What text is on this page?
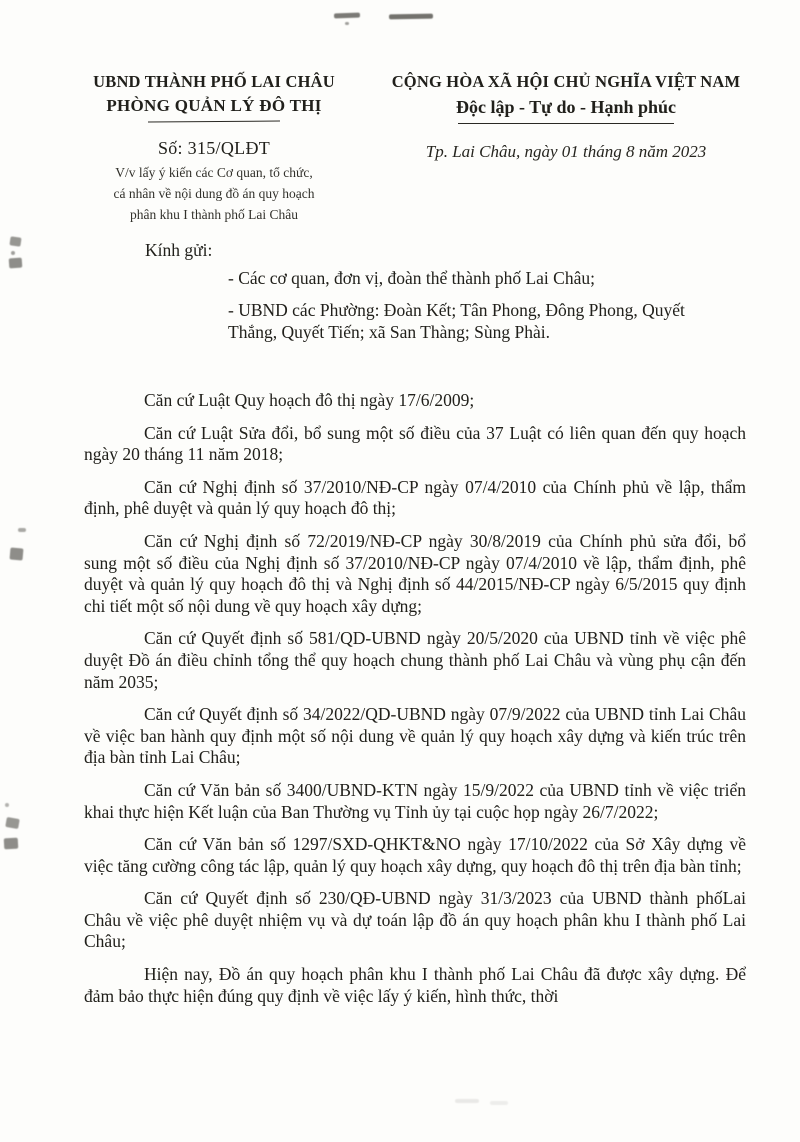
UBND THÀNH PHỐ LAI CHÂU
PHÒNG QUẢN LÝ ĐÔ THỊ
Số: 315/QLĐT
V/v lấy ý kiến các Cơ quan, tổ chức,
cá nhân về nội dung đồ án quy hoạch
phân khu I thành phố Lai Châu
CỘNG HÒA XÃ HỘI CHỦ NGHĨA VIỆT NAM
Độc lập - Tự do - Hạnh phúc
Tp. Lai Châu, ngày 01 tháng 8 năm 2023
Kính gửi:

- Các cơ quan, đơn vị, đoàn thể thành phố Lai Châu;

- UBND các Phường: Đoàn Kết; Tân Phong, Đông Phong, Quyết Thắng, Quyết Tiến; xã San Thàng; Sùng Phài.

Căn cứ Luật Quy hoạch đô thị ngày 17/6/2009;

Căn cứ Luật Sửa đổi, bổ sung một số điều của 37 Luật có liên quan đến quy hoạch ngày 20 tháng 11 năm 2018;

Căn cứ Nghị định số 37/2010/NĐ-CP ngày 07/4/2010 của Chính phủ về lập, thẩm định, phê duyệt và quản lý quy hoạch đô thị;

Căn cứ Nghị định số 72/2019/NĐ-CP ngày 30/8/2019 của Chính phủ sửa đổi, bổ sung một số điều của Nghị định số 37/2010/NĐ-CP ngày 07/4/2010 về lập, thẩm định, phê duyệt và quản lý quy hoạch đô thị và Nghị định số 44/2015/NĐ-CP ngày 6/5/2015 quy định chi tiết một số nội dung về quy hoạch xây dựng;

Căn cứ Quyết định số 581/QD-UBND ngày 20/5/2020 của UBND tỉnh về việc phê duyệt Đồ án điều chỉnh tổng thể quy hoạch chung thành phố Lai Châu và vùng phụ cận đến năm 2035;

Căn cứ Quyết định số 34/2022/QD-UBND ngày 07/9/2022 của UBND tỉnh Lai Châu về việc ban hành quy định một số nội dung về quản lý quy hoạch xây dựng và kiến trúc trên địa bàn tỉnh Lai Châu;

Căn cứ Văn bản số 3400/UBND-KTN ngày 15/9/2022 của UBND tỉnh về việc triển khai thực hiện Kết luận của Ban Thường vụ Tỉnh ủy tại cuộc họp ngày 26/7/2022;

Căn cứ Văn bản số 1297/SXD-QHKT&NO ngày 17/10/2022 của Sở Xây dựng về việc tăng cường công tác lập, quản lý quy hoạch xây dựng, quy hoạch đô thị trên địa bàn tỉnh;

Căn cứ Quyết định số 230/QĐ-UBND ngày 31/3/2023 của UBND thành phốLai Châu về việc phê duyệt nhiệm vụ và dự toán lập đồ án quy hoạch phân khu I thành phố Lai Châu;

Hiện nay, Đồ án quy hoạch phân khu I thành phố Lai Châu đã được xây dựng. Để đảm bảo thực hiện đúng quy định về việc lấy ý kiến, hình thức, thời
